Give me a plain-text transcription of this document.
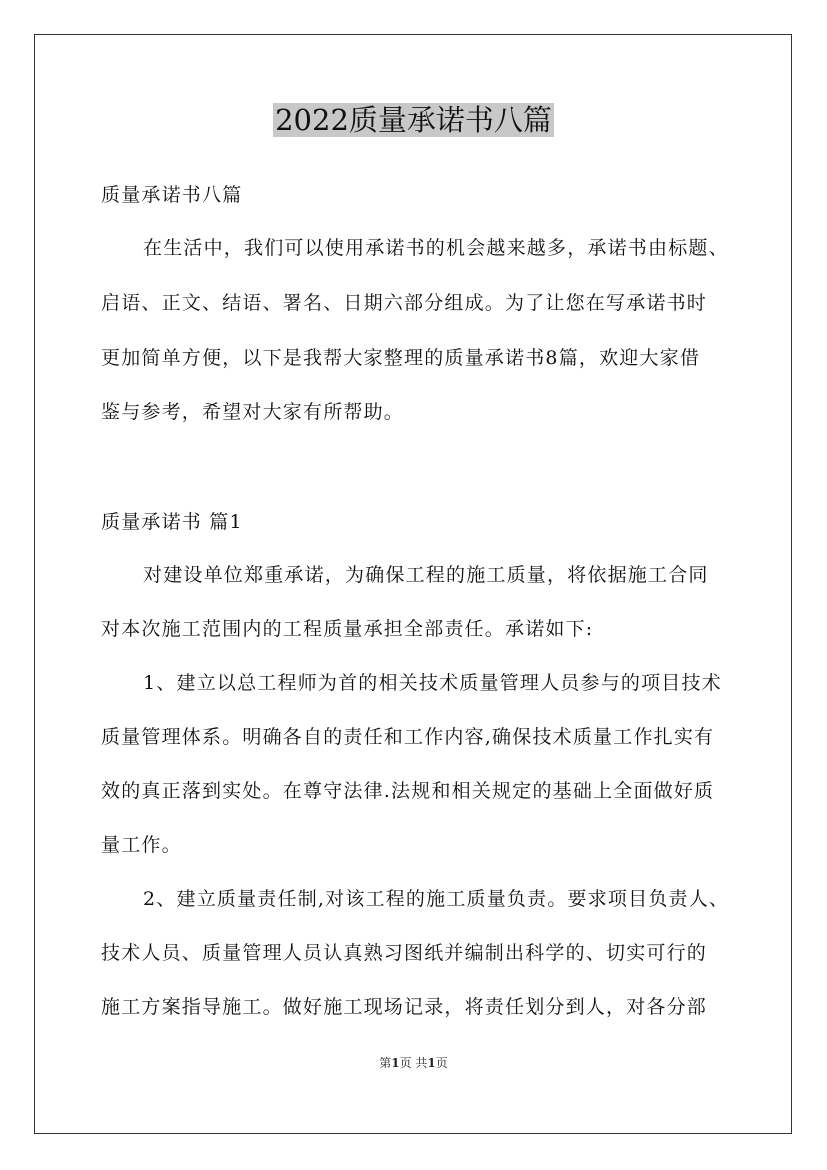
2022质量承诺书八篇

质量承诺书八篇

在生活中，我们可以使用承诺书的机会越来越多，承诺书由标题、

启语、正文、结语、署名、日期六部分组成。为了让您在写承诺书时

更加简单方便，以下是我帮大家整理的质量承诺书8篇，欢迎大家借

鉴与参考，希望对大家有所帮助。

质量承诺书 篇1

对建设单位郑重承诺，为确保工程的施工质量，将依据施工合同

对本次施工范围内的工程质量承担全部责任。承诺如下:

1、建立以总工程师为首的相关技术质量管理人员参与的项目技术

质量管理体系。明确各自的责任和工作内容,确保技术质量工作扎实有

效的真正落到实处。在尊守法律.法规和相关规定的基础上全面做好质

量工作。

2、建立质量责任制,对该工程的施工质量负责。要求项目负责人、

技术人员、质量管理人员认真熟习图纸并编制出科学的、切实可行的

施工方案指导施工。做好施工现场记录，将责任划分到人，对各分部

第1页 共1页
